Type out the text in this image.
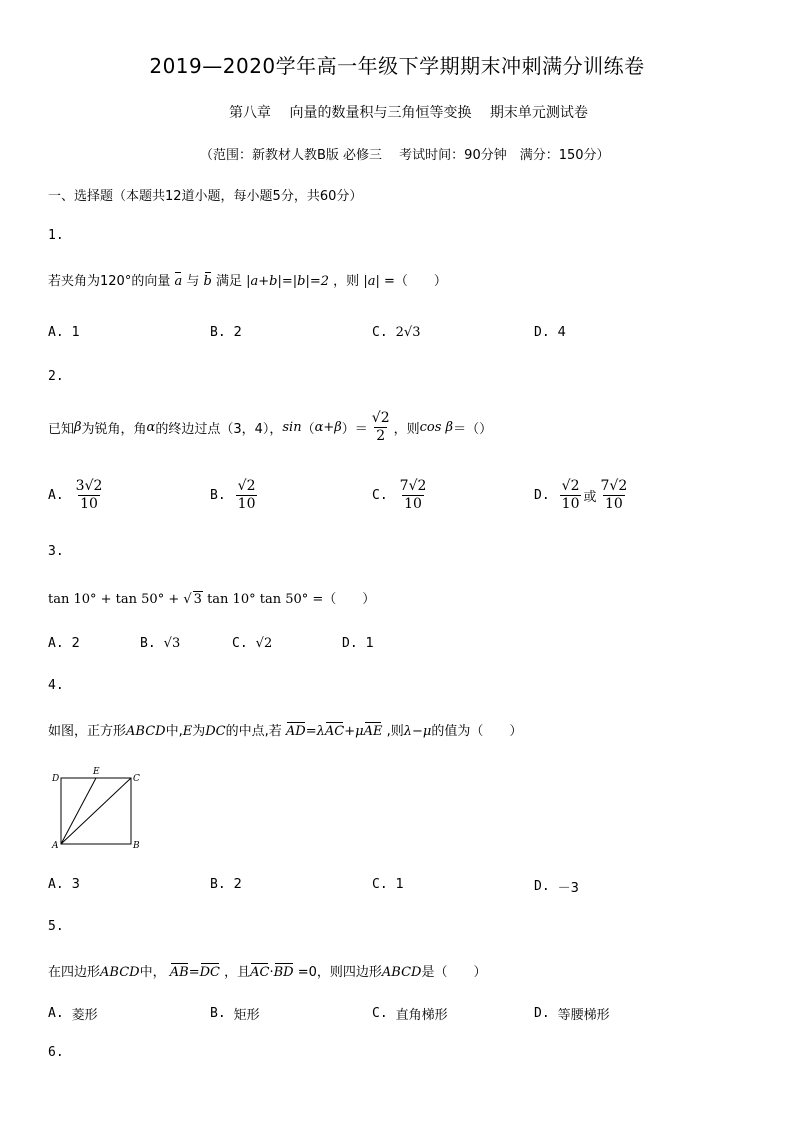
2019—2020学年高一年级下学期期末冲刺满分训练卷
第八章　 向量的数量积与三角恒等变换　 期末单元测试卷
（范围：新教材人教B版 必修三　 考试时间：90分钟　满分：150分）
一、选择题（本题共12道小题，每小题5分，共60分）
1.
若夹角为120°的向量 a 与 b 满足 |a+b|=|b|=2 ，则 |a| =（　　）
A. 1	B. 2	C. 2√3	D. 4
2.
已知 β 为锐角，角 α 的终边过点（3，4）， sin （ α+β ）＝ $\frac{√2}{2}$ ，则 cos β ＝（）
A. $\frac{3√2}{10}$	B. $\frac{√2}{10}$	C. $\frac{7√2}{10}$	D. $\frac{√2}{10}$ 或 $\frac{7√2}{10}$
3.
tan 10° + tan 50° + √ 3 tan 10° tan 50° =（　　）
A. 2	B. √3	C. √2	D. 1
4.
如图，正方形ABCD中,E为DC的中点,若 AD=λAC+μAE ,则λ−μ的值为（　　）
D
E
C
A	B
A. 3	B. 2	C. 1	D. －3
5.
在四边形ABCD中， AB=DC ，且AC·BD =0，则四边形ABCD是（　　）
A. 菱形	B. 矩形	C. 直角梯形	D. 等腰梯形
6.
